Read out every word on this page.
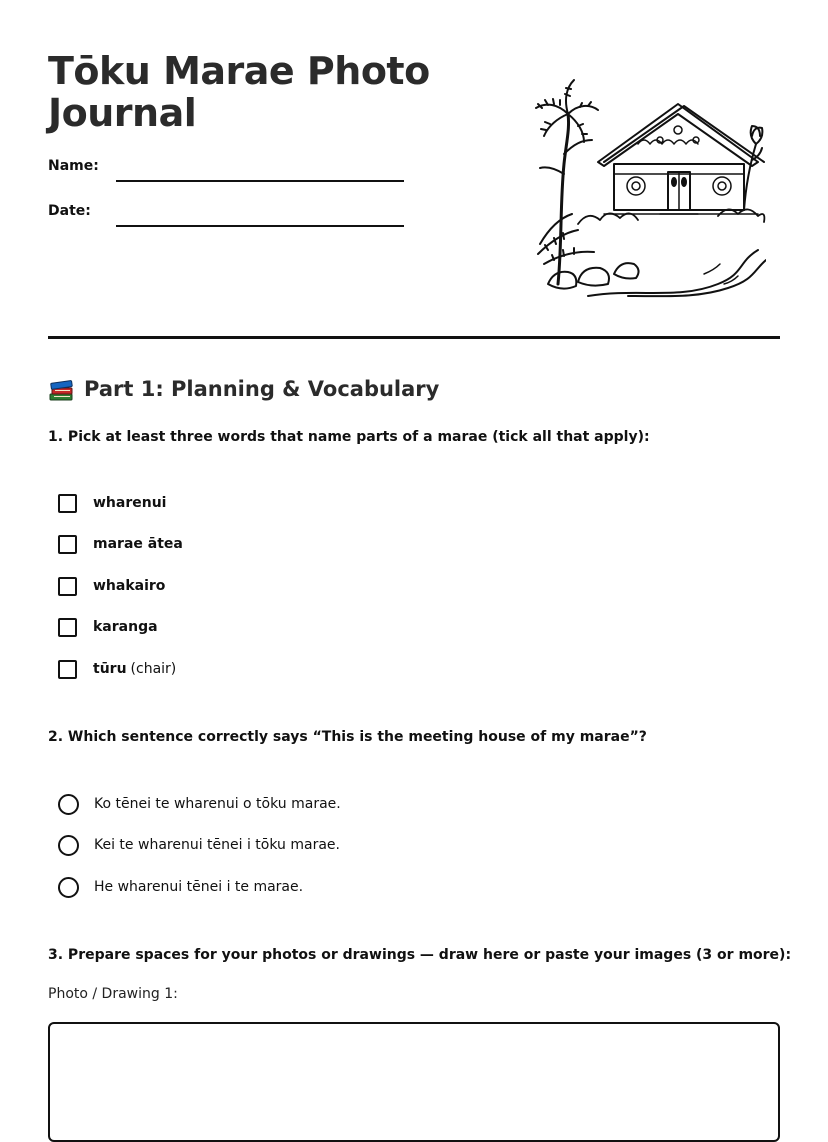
Tōku Marae Photo Journal
Name:
Date:
Part 1: Planning & Vocabulary
1. Pick at least three words that name parts of a marae (tick all that apply):
wharenui
marae ātea
whakairo
karanga
tūru (chair)
2. Which sentence correctly says “This is the meeting house of my marae”?
Ko tēnei te wharenui o tōku marae.
Kei te wharenui tēnei i tōku marae.
He wharenui tēnei i te marae.
3. Prepare spaces for your photos or drawings — draw here or paste your images (3 or more):
Photo / Drawing 1:
